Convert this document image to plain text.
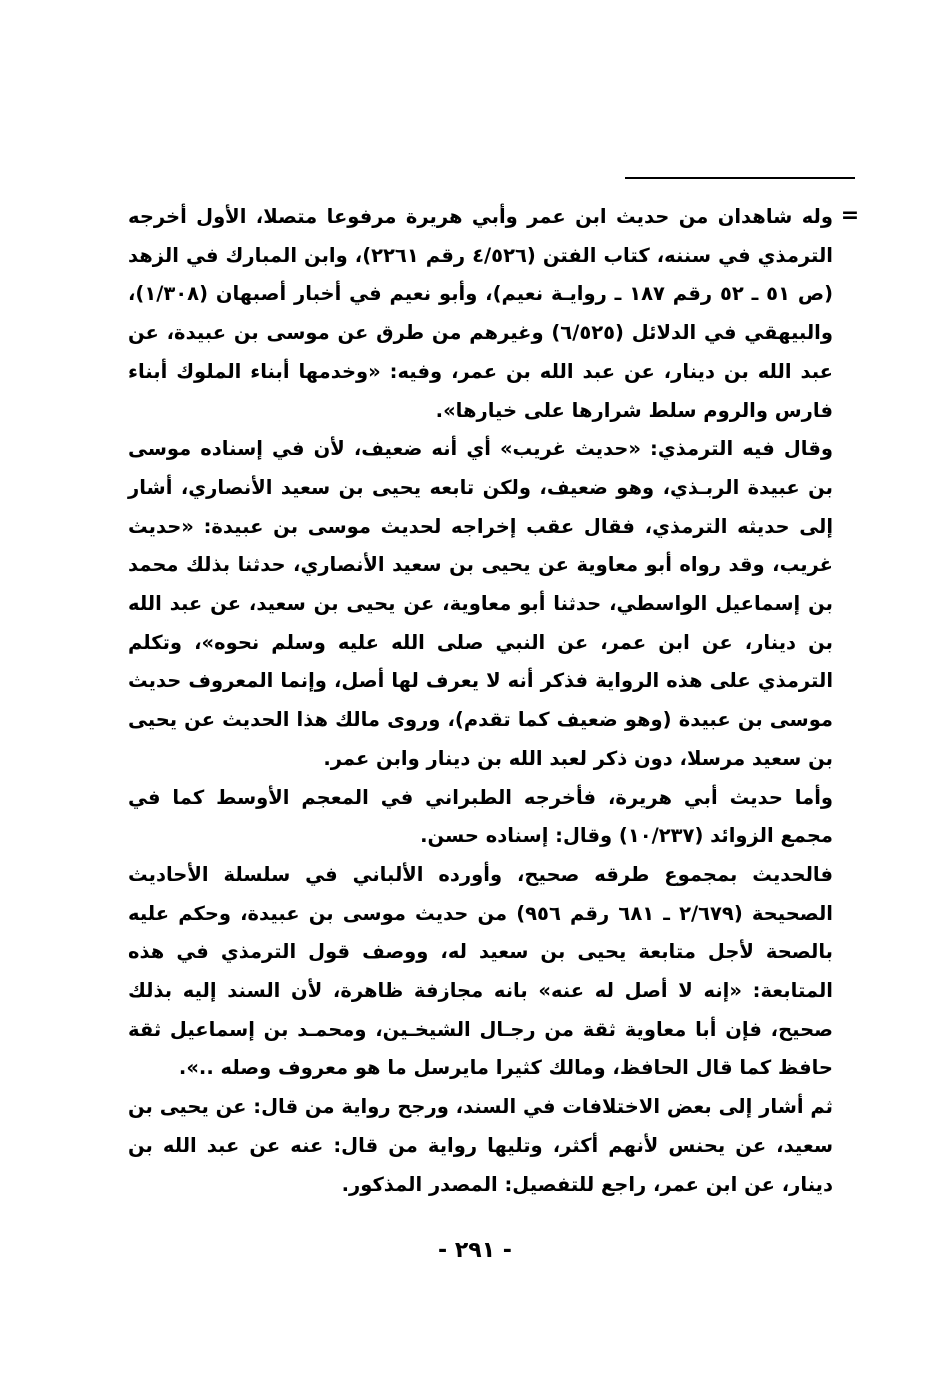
=

وله شاهدان من حديث ابن عمر وأبي هريرة مرفوعا متصلا، الأول أخرجه الترمذي في سننه، كتاب الفتن (٤/٥٢٦ رقم ٢٢٦١)، وابن المبارك في الزهد (ص ٥١ ـ ٥٢ رقم ١٨٧ ـ روايـة نعيم)، وأبو نعيم في أخبار أصبهان (١/٣٠٨)، والبيهقي في الدلائل (٦/٥٢٥) وغيرهم من طرق عن موسى بن عبيدة، عن عبد الله بن دينار، عن عبد الله بن عمر، وفيه: «وخدمها أبناء الملوك أبناء فارس والروم سلط شرارها على خيارها».

وقال فيه الترمذي: «حديث غريب» أي أنه ضعيف، لأن في إسناده موسى بن عبيدة الربـذي، وهو ضعيف، ولكن تابعه يحيى بن سعيد الأنصاري، أشار إلى حديثه الترمذي، فقال عقب إخراجه لحديث موسى بن عبيدة: «حديث غريب، وقد رواه أبو معاوية عن يحيى بن سعيد الأنصاري، حدثنا بذلك محمد بن إسماعيل الواسطي، حدثنا أبو معاوية، عن يحيى بن سعيد، عن عبد الله بن دينار، عن ابن عمر، عن النبي صلى الله عليه وسلم نحوه»، وتكلم الترمذي على هذه الرواية فذكر أنه لا يعرف لها أصل، وإنما المعروف حديث موسى بن عبيدة (وهو ضعيف كما تقدم)، وروى مالك هذا الحديث عن يحيى بن سعيد مرسلا، دون ذكر لعبد الله بن دينار وابن عمر.

وأما حديث أبي هريرة، فأخرجه الطبراني في المعجم الأوسط كما في مجمع الزوائد (١٠/٢٣٧) وقال: إسناده حسن.

فالحديث بمجموع طرقه صحيح، وأورده الألباني في سلسلة الأحاديث الصحيحة (٢/٦٧٩ ـ ٦٨١ رقم ٩٥٦) من حديث موسى بن عبيدة، وحكم عليه بالصحة لأجل متابعة يحيى بن سعيد له، ووصف قول الترمذي في هذه المتابعة: «إنه لا أصل له عنه» بانه مجازفة ظاهرة، لأن السند إليه بذلك صحيح، فإن أبا معاوية ثقة من رجـال الشيخـين، ومحمـد بن إسماعيل ثقة حافظ كما قال الحافظ، ومالك كثيرا مايرسل ما هو معروف وصله ..».

ثم أشار إلى بعض الاختلافات في السند، ورجح رواية من قال: عن يحيى بن سعيد، عن يحنس لأنهم أكثر، وتليها رواية من قال: عنه عن عبد الله بن دينار، عن ابن عمر، راجع للتفصيل: المصدر المذكور.

- ٢٩١ -
